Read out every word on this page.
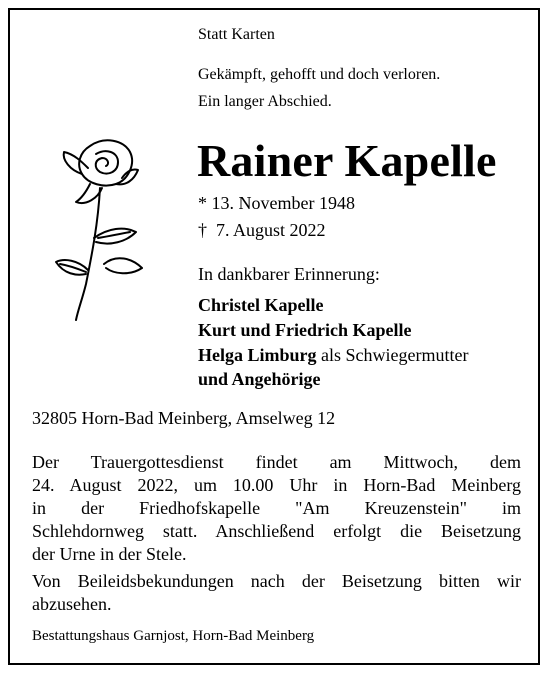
Statt Karten
Gekämpft, gehofft und doch verloren.
Ein langer Abschied.
Rainer Kapelle
* 13. November 1948
† 7. August 2022
In dankbarer Erinnerung:
Christel Kapelle
Kurt und Friedrich Kapelle
Helga Limburg als Schwiegermutter
und Angehörige
32805 Horn-Bad Meinberg, Amselweg 12
Der Trauergottesdienst findet am Mittwoch, dem
24. August 2022, um 10.00 Uhr in Horn-Bad Meinberg
in der Friedhofskapelle "Am Kreuzenstein" im
Schlehdornweg statt. Anschließend erfolgt die Beisetzung
der Urne in der Stele.
Von Beileidsbekundungen nach der Beisetzung bitten wir
abzusehen.
Bestattungshaus Garnjost, Horn-Bad Meinberg
